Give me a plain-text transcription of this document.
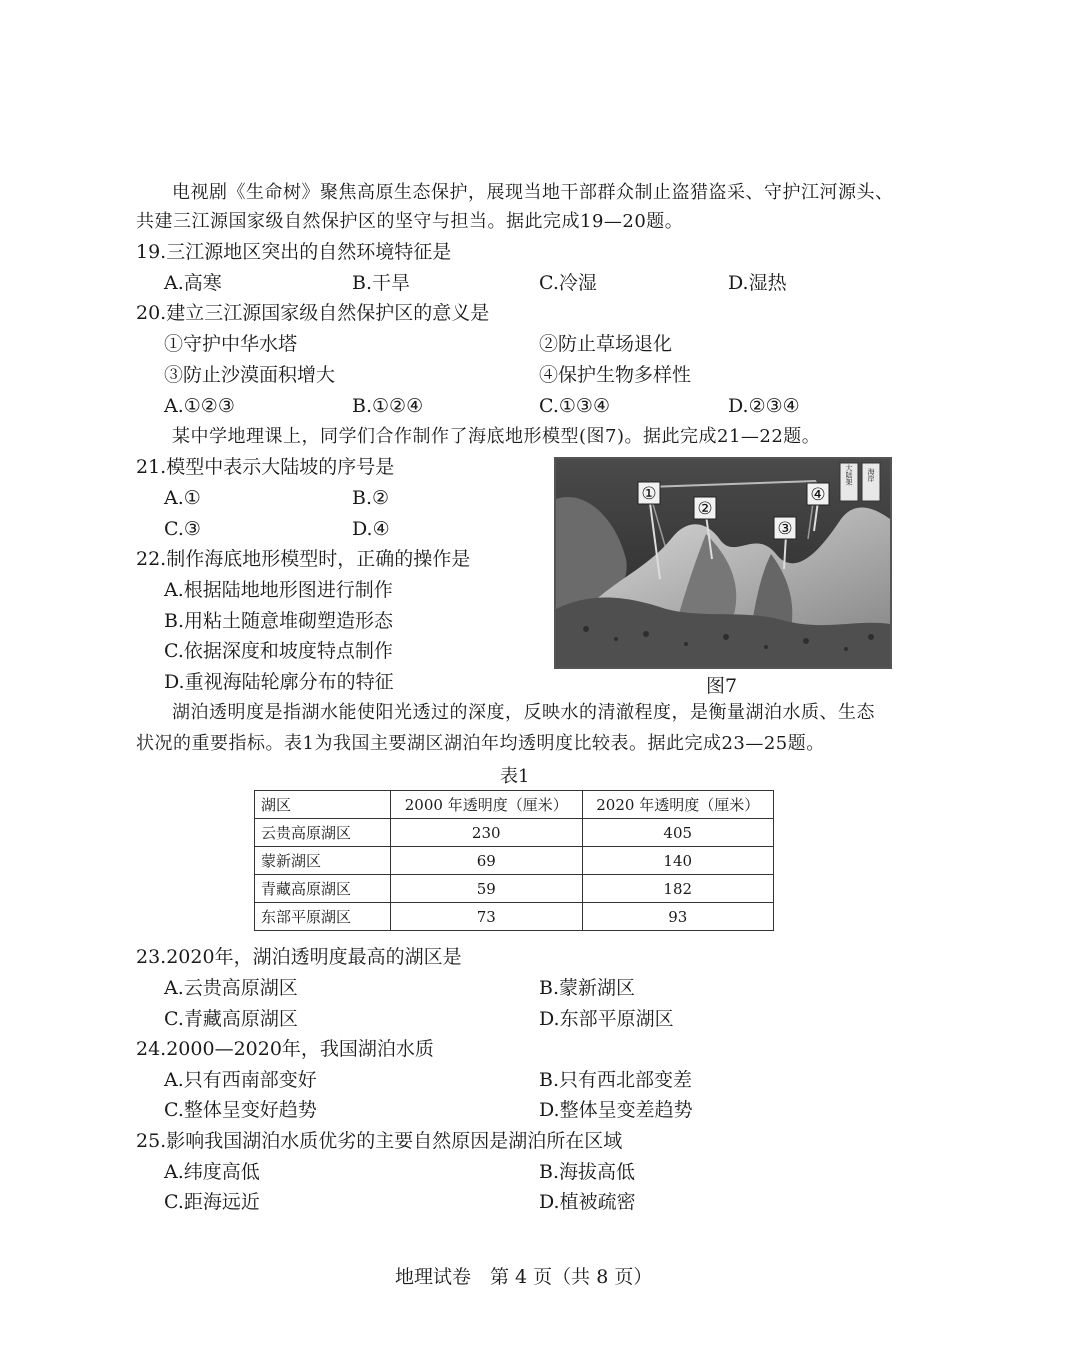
电视剧《生命树》聚焦高原生态保护，展现当地干部群众制止盗猎盗采、守护江河源头、
共建三江源国家级自然保护区的坚守与担当。据此完成19—20题。
19.三江源地区突出的自然环境特征是
A.高寒	B.干旱	C.冷湿	D.湿热
20.建立三江源国家级自然保护区的意义是
①守护中华水塔	②防止草场退化
③防止沙漠面积增大	④保护生物多样性
A.①②③	B.①②④	C.①③④	D.②③④
某中学地理课上，同学们合作制作了海底地形模型(图7)。据此完成21—22题。
21.模型中表示大陆坡的序号是
A.①	B.②
C.③	D.④
22.制作海底地形模型时，正确的操作是
A.根据陆地地形图进行制作
B.用粘土随意堆砌塑造形态
C.依据深度和坡度特点制作
D.重视海陆轮廓分布的特征
①
②
③
④
大陆架 海岸
图7
湖泊透明度是指湖水能使阳光透过的深度，反映水的清澈程度，是衡量湖泊水质、生态
状况的重要指标。表1为我国主要湖区湖泊年均透明度比较表。据此完成23—25题。
表1
湖区	2000 年透明度（厘米）	2020 年透明度（厘米）
云贵高原湖区	230	405
蒙新湖区	69	140
青藏高原湖区	59	182
东部平原湖区	73	93
23.2020年，湖泊透明度最高的湖区是
A.云贵高原湖区	B.蒙新湖区
C.青藏高原湖区	D.东部平原湖区
24.2000—2020年，我国湖泊水质
A.只有西南部变好	B.只有西北部变差
C.整体呈变好趋势	D.整体呈变差趋势
25.影响我国湖泊水质优劣的主要自然原因是湖泊所在区域
A.纬度高低	B.海拔高低
C.距海远近	D.植被疏密
地理试卷　第 4 页（共 8 页）
